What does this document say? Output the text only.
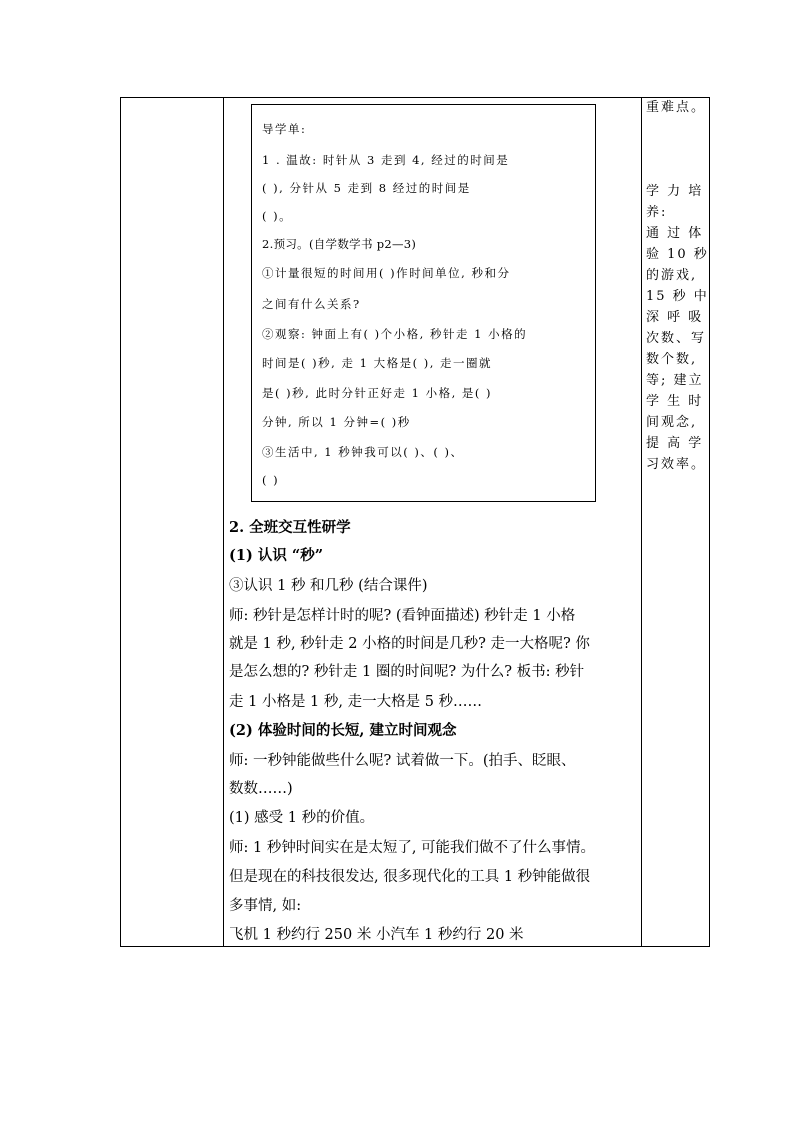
导学单:
1 . 温故: 时针从 3 走到 4, 经过的时间是
( ), 分针从 5 走到 8 经过的时间是
( )。
2.预习。(自学数学书 p2—3)
①计量很短的时间用( )作时间单位, 秒和分
之间有什么关系?
②观察: 钟面上有( )个小格, 秒针走 1 小格的
时间是( )秒, 走 1 大格是( ), 走一圈就
是( )秒, 此时分针正好走 1 小格, 是( )
分钟, 所以 1 分钟=( )秒
③生活中, 1 秒钟我可以( )、( )、
( )
2. 全班交互性研学
(1) 认识 “秒”
③认识 1 秒 和几秒 (结合课件)
师: 秒针是怎样计时的呢? (看钟面描述) 秒针走 1 小格
就是 1 秒, 秒针走 2 小格的时间是几秒? 走一大格呢? 你
是怎么想的? 秒针走 1 圈的时间呢? 为什么? 板书: 秒针
走 1 小格是 1 秒, 走一大格是 5 秒……
(2) 体验时间的长短, 建立时间观念
师: 一秒钟能做些什么呢? 试着做一下。(拍手、眨眼、
数数……)
(1) 感受 1 秒的价值。
师: 1 秒钟时间实在是太短了, 可能我们做不了什么事情。
但是现在的科技很发达, 很多现代化的工具 1 秒钟能做很
多事情, 如:
飞机 1 秒约行 250 米 小汽车 1 秒约行 20 米
重难点。
学 力 培
养:
通 过 体
验 10 秒
的游戏,
15 秒 中
深 呼 吸
次数、写
数个数,
等; 建立
学 生 时
间观念,
提 高 学
习效率。
